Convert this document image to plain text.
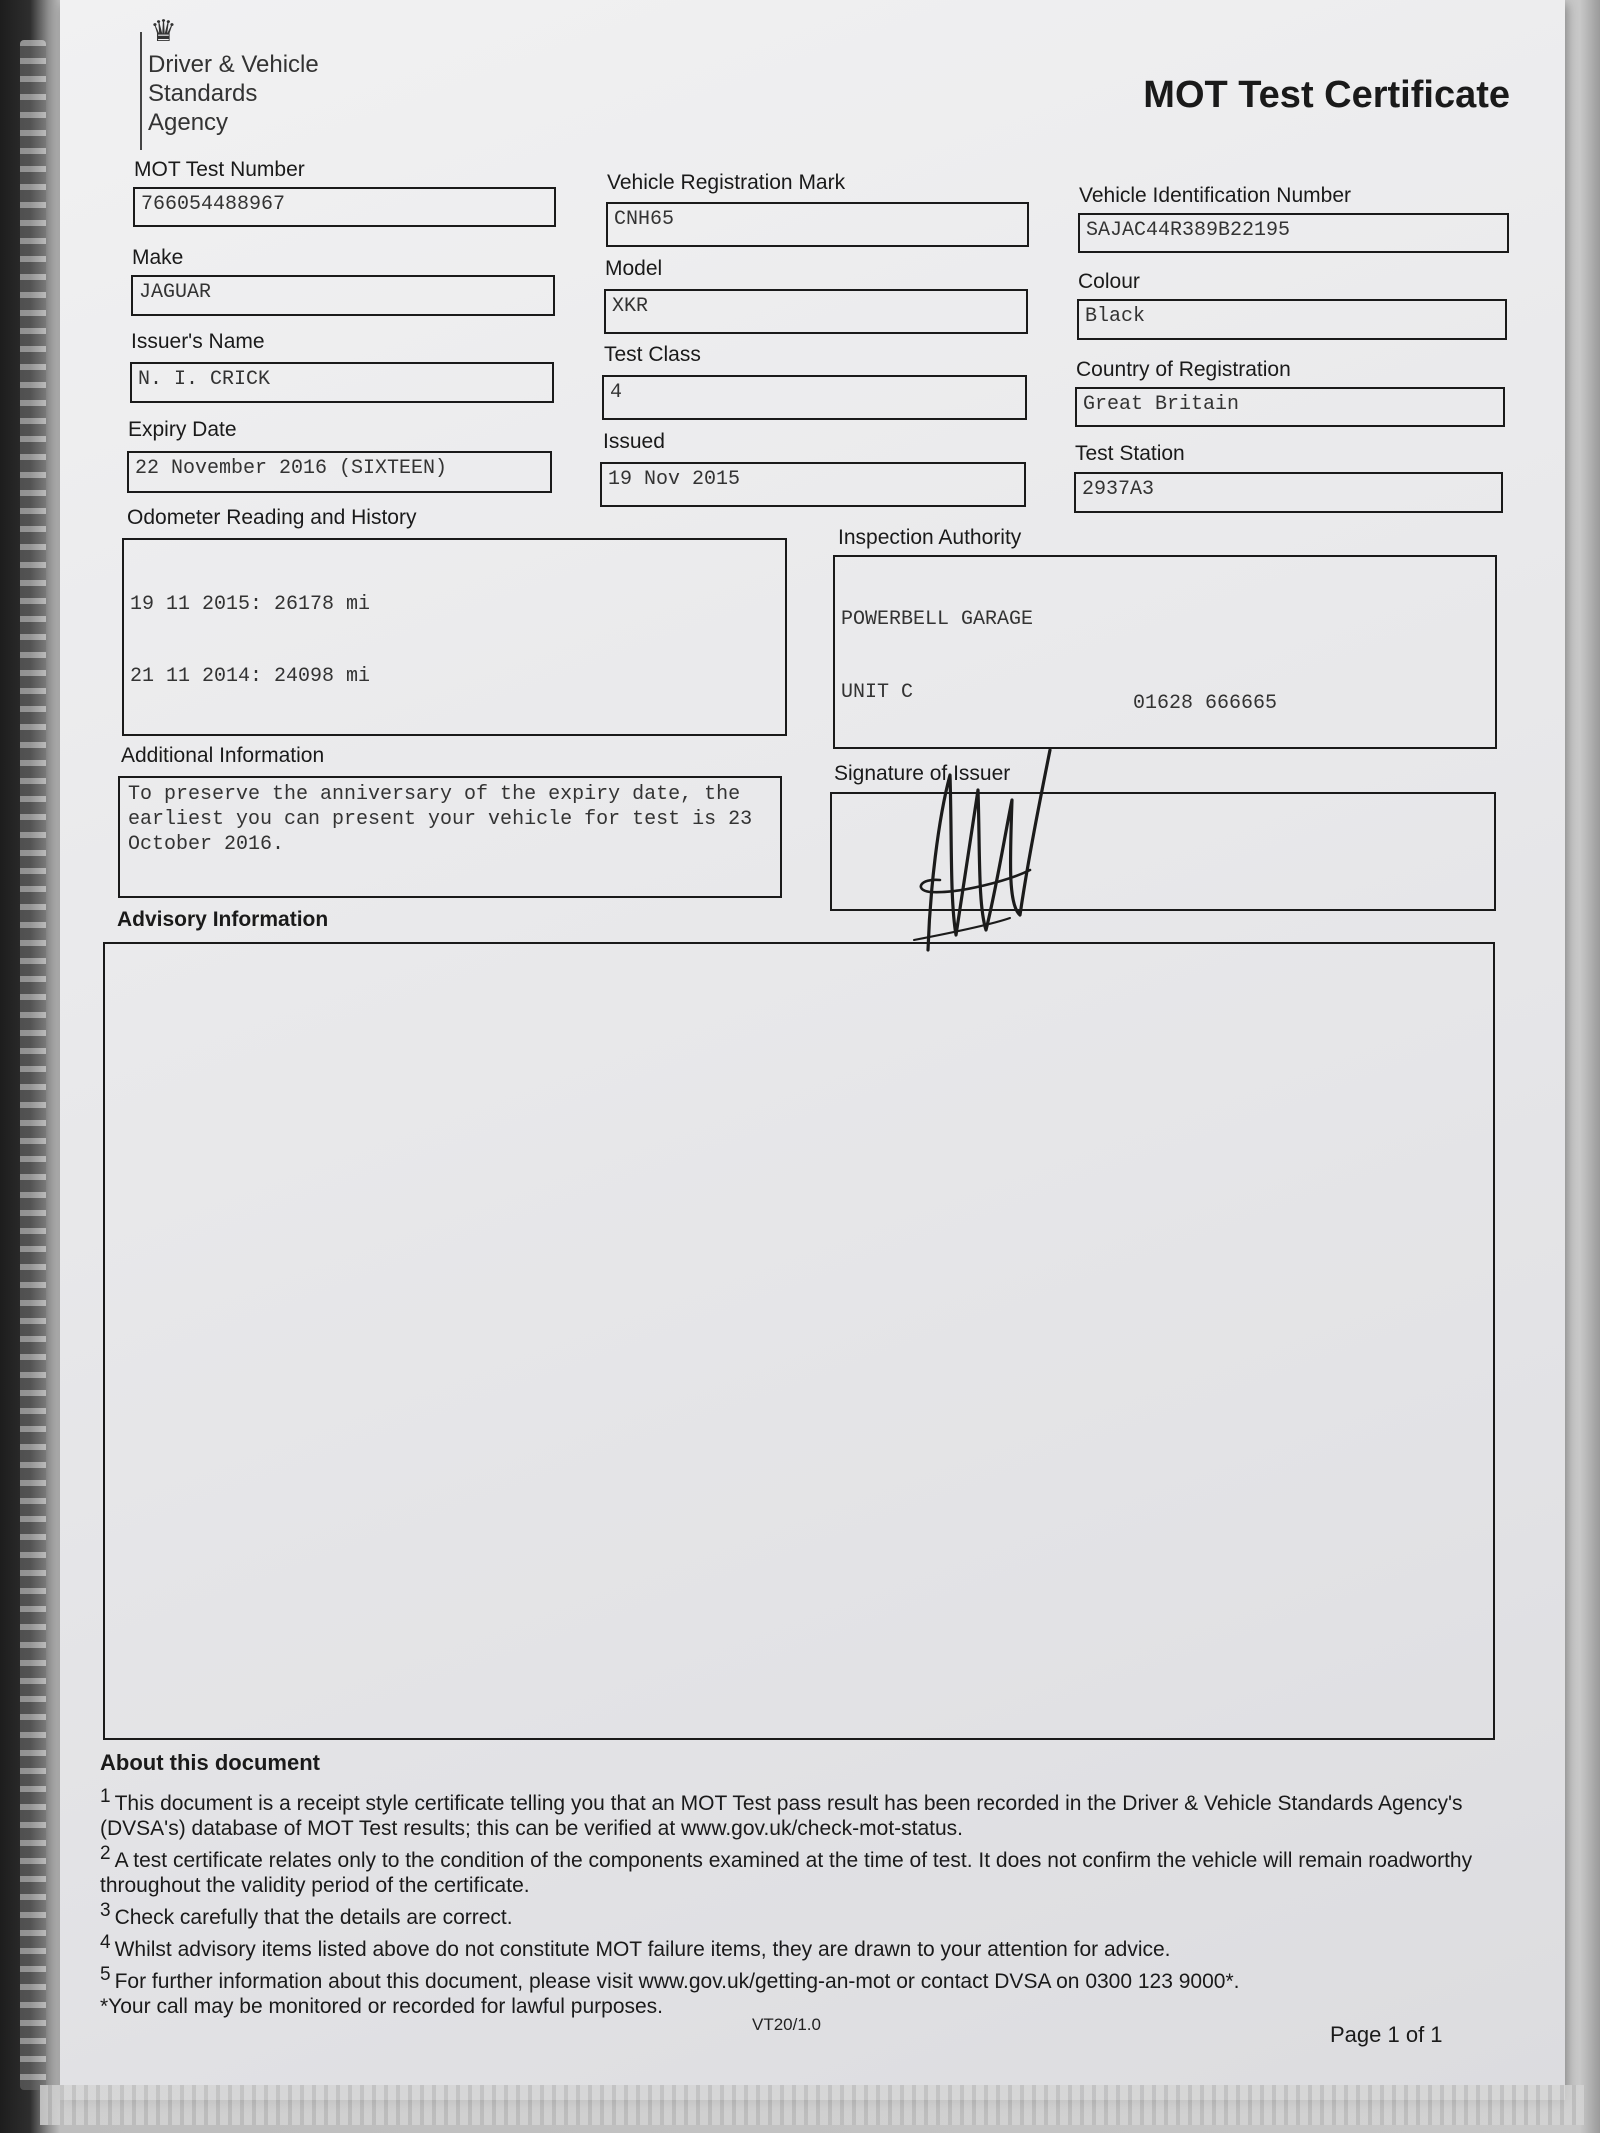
♛
Driver & Vehicle
Standards
Agency
MOT Test Certificate
MOT Test Number
766054488967
Make
JAGUAR
Issuer's Name
N. I. CRICK
Expiry Date
22 November 2016 (SIXTEEN)
Odometer Reading and History

19 11 2015: 26178 mi

21 11 2014: 24098 mi

Additional Information
To preserve the anniversary of the expiry date, the earliest you can present your vehicle for test is 23 October 2016.
Vehicle Registration Mark
CNH65
Model
XKR
Test Class
4
Issued
19 Nov 2015
Vehicle Identification Number
SAJAC44R389B22195
Colour
Black
Country of Registration
Great Britain
Test Station
2937A3
Inspection Authority

POWERBELL GARAGE

UNIT C

	01628 666665
Signature of Issuer
Advisory Information
About this document

1 This document is a receipt style certificate telling you that an MOT Test pass result has been recorded in the Driver & Vehicle Standards Agency's (DVSA's) database of MOT Test results; this can be verified at www.gov.uk/check-mot-status.

2 A test certificate relates only to the condition of the components examined at the time of test. It does not confirm the vehicle will remain roadworthy throughout the validity period of the certificate.

3 Check carefully that the details are correct.

4 Whilst advisory items listed above do not constitute MOT failure items, they are drawn to your attention for advice.

5 For further information about this document, please visit www.gov.uk/getting-an-mot or contact DVSA on 0300 123 9000*.

*Your call may be monitored or recorded for lawful purposes.

VT20/1.0	Page 1 of 1
